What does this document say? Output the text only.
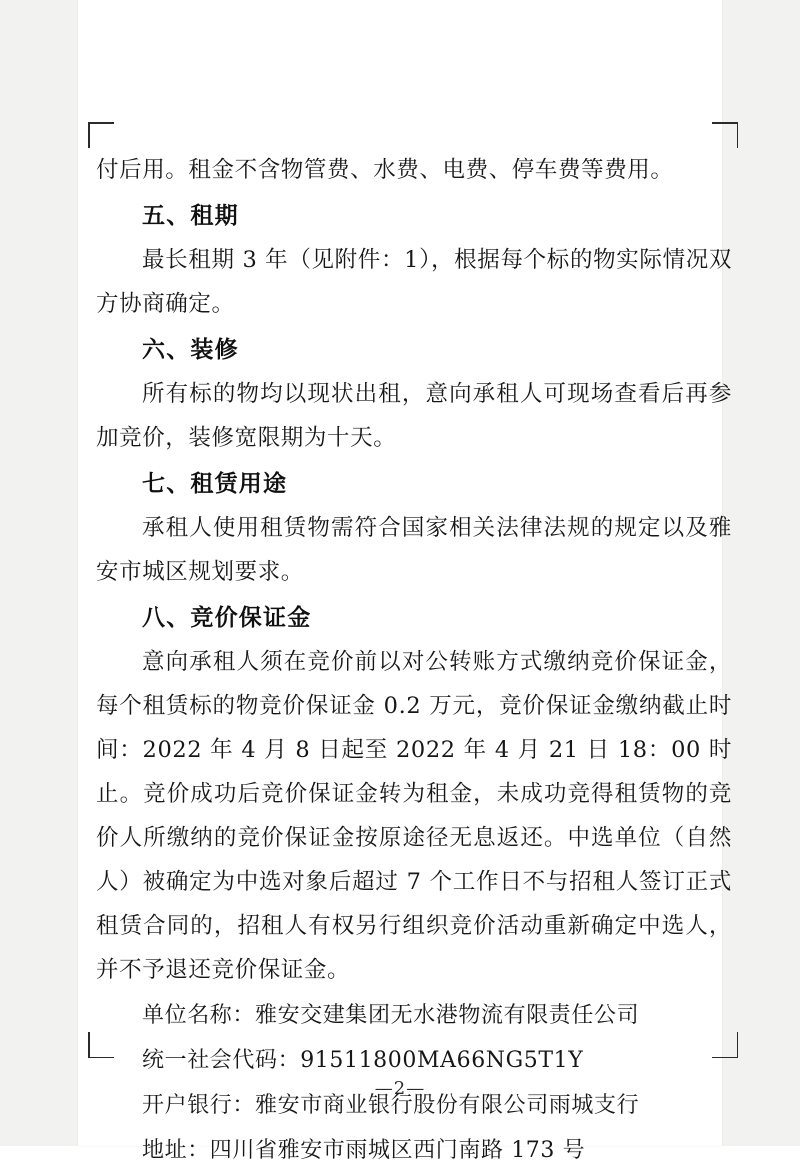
付后用。租金不含物管费、水费、电费、停车费等费用。

五、租期

最长租期 3 年（见附件：1），根据每个标的物实际情况双方协商确定。

六、装修

所有标的物均以现状出租，意向承租人可现场查看后再参加竞价，装修宽限期为十天。

七、租赁用途

承租人使用租赁物需符合国家相关法律法规的规定以及雅安市城区规划要求。

八、竞价保证金

意向承租人须在竞价前以对公转账方式缴纳竞价保证金，每个租赁标的物竞价保证金 0.2 万元，竞价保证金缴纳截止时间：2022 年 4 月 8 日起至 2022 年 4 月 21 日 18：00 时止。竞价成功后竞价保证金转为租金，未成功竞得租赁物的竞价人所缴纳的竞价保证金按原途径无息返还。中选单位（自然人）被确定为中选对象后超过 7 个工作日不与招租人签订正式租赁合同的，招租人有权另行组织竞价活动重新确定中选人，并不予退还竞价保证金。

单位名称：雅安交建集团无水港物流有限责任公司

统一社会代码：91511800MA66NG5T1Y

开户银行：雅安市商业银行股份有限公司雨城支行

地址：四川省雅安市雨城区西门南路 173 号

—2—
